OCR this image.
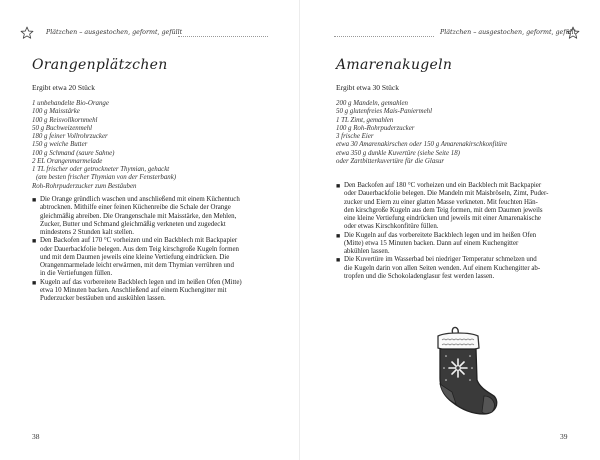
Plätzchen – ausgestochen, geformt, gefüllt
Orangenplätzchen
Ergibt etwa 20 Stück
1 unbehandelte Bio-Orange
100 g Maisstärke
100 g Reisvollkornmehl
50 g Buchweizenmehl
180 g feiner Vollrohrzucker
150 g weiche Butter
100 g Schmand (saure Sahne)
2 EL Orangenmarmelade
1 TL frischer oder getrockneter Thymian, gehackt
(am besten frischer Thymian von der Fensterbank)
Roh-Rohrpuderzucker zum Bestäuben
■ Die Orange gründlich waschen und anschließend mit einem Küchentuch
abtrocknen. Mithilfe einer feinen Küchenreibe die Schale der Orange
gleichmäßig abreiben. Die Orangenschale mit Maisstärke, den Mehlen,
Zucker, Butter und Schmand gleichmäßig verkneten und zugedeckt
mindestens 2 Stunden kalt stellen.
■ Den Backofen auf 170 °C vorheizen und ein Backblech mit Backpapier
oder Dauerbackfolie belegen. Aus dem Teig kirschgroße Kugeln formen
und mit dem Daumen jeweils eine kleine Vertiefung eindrücken. Die
Orangenmarmelade leicht erwärmen, mit dem Thymian verrühren und
in die Vertiefungen füllen.
■ Kugeln auf das vorbereitete Backblech legen und im heißen Ofen (Mitte)
etwa 10 Minuten backen. Anschließend auf einem Kuchengitter mit
Puderzucker bestäuben und auskühlen lassen.
38
Plätzchen – ausgestochen, geformt, gefüllt
Amarenakugeln
Ergibt etwa 30 Stück
200 g Mandeln, gemahlen
50 g glutenfreies Mais-Paniermehl
1 TL Zimt, gemahlen
100 g Roh-Rohrpuderzucker
3 frische Eier
etwa 30 Amarenakirschen oder 150 g Amarenakirschkonfitüre
etwa 350 g dunkle Kuvertüre (siehe Seite 18)
oder Zartbitterkuvertüre für die Glasur
■ Den Backofen auf 180 °C vorheizen und ein Backblech mit Backpapier
oder Dauerbackfolie belegen. Die Mandeln mit Maisbröseln, Zimt, Puder-
zucker und Eiern zu einer glatten Masse verkneten. Mit feuchten Hän-
den kirschgroße Kugeln aus dem Teig formen, mit dem Daumen jeweils
eine kleine Vertiefung eindrücken und jeweils mit einer Amarenakische
oder etwas Kirschkonfitüre füllen.
■ Die Kugeln auf das vorbereitete Backblech legen und im heißen Ofen
(Mitte) etwa 15 Minuten backen. Dann auf einem Kuchengitter
abkühlen lassen.
■ Die Kuvertüre im Wasserbad bei niedriger Temperatur schmelzen und
die Kugeln darin von allen Seiten wenden. Auf einem Kuchengitter ab-
tropfen und die Schokoladenglasur fest werden lassen.
39
